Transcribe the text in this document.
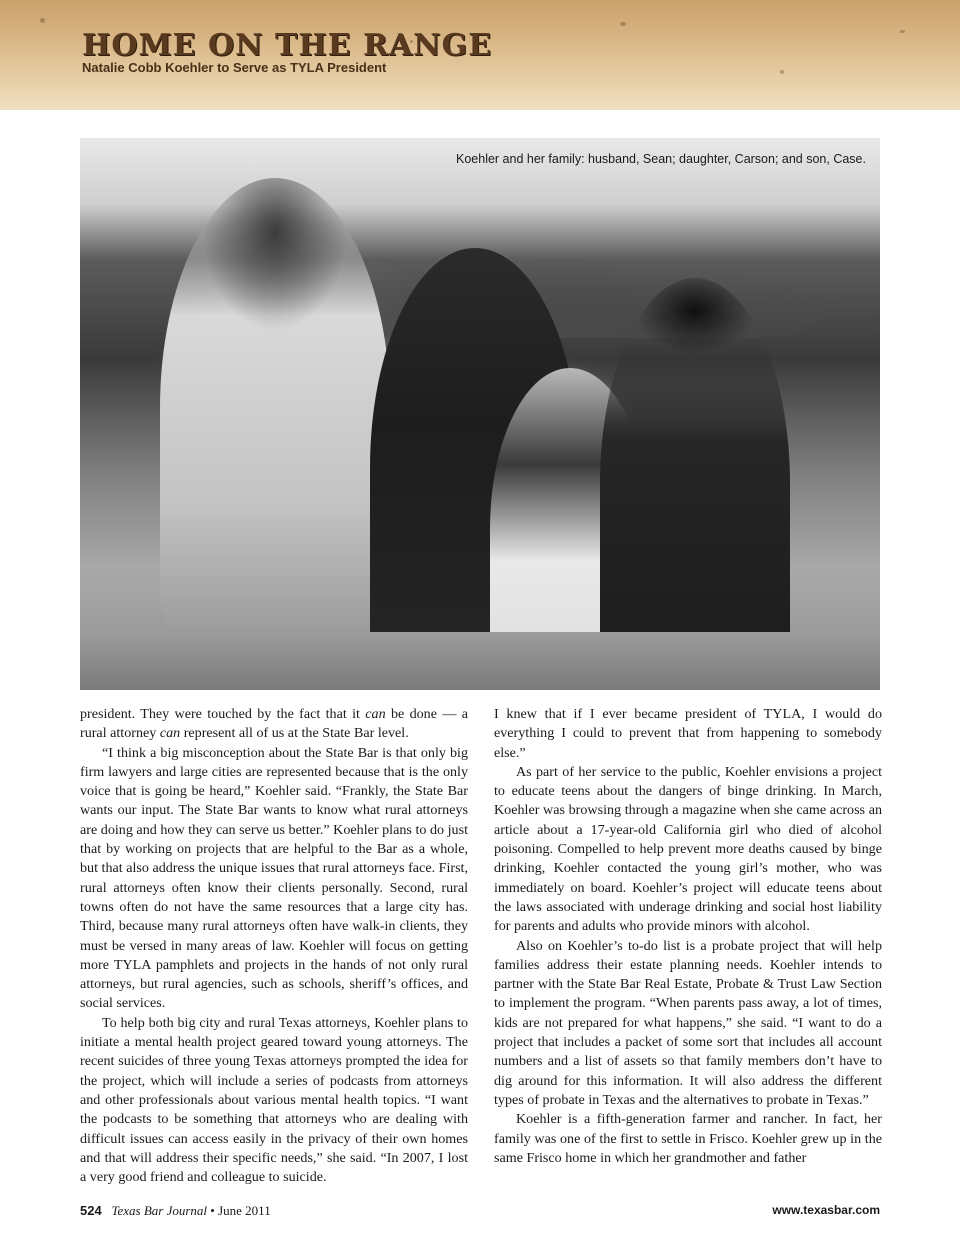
HOME ON THE RANGE
Natalie Cobb Koehler to Serve as TYLA President
Koehler and her family: husband, Sean; daughter, Carson; and son, Case.

president. They were touched by the fact that it can be done — a rural attorney can represent all of us at the State Bar level.

“I think a big misconception about the State Bar is that only big firm lawyers and large cities are represented because that is the only voice that is going be heard,” Koehler said. “Frankly, the State Bar wants our input. The State Bar wants to know what rural attorneys are doing and how they can serve us better.” Koehler plans to do just that by working on projects that are helpful to the Bar as a whole, but that also address the unique issues that rural attorneys face. First, rural attorneys often know their clients personally. Second, rural towns often do not have the same resources that a large city has. Third, because many rural attorneys often have walk-in clients, they must be versed in many areas of law. Koehler will focus on getting more TYLA pamphlets and projects in the hands of not only rural attorneys, but rural agencies, such as schools, sheriff’s offices, and social services.

To help both big city and rural Texas attorneys, Koehler plans to initiate a mental health project geared toward young attorneys. The recent suicides of three young Texas attorneys prompted the idea for the project, which will include a series of podcasts from attorneys and other professionals about various mental health topics. “I want the podcasts to be something that attorneys who are dealing with difficult issues can access easily in the privacy of their own homes and that will address their specific needs,” she said. “In 2007, I lost a very good friend and colleague to suicide.

I knew that if I ever became president of TYLA, I would do everything I could to prevent that from happening to somebody else.”

As part of her service to the public, Koehler envisions a project to educate teens about the dangers of binge drinking. In March, Koehler was browsing through a magazine when she came across an article about a 17-year-old California girl who died of alcohol poisoning. Compelled to help prevent more deaths caused by binge drinking, Koehler contacted the young girl’s mother, who was immediately on board. Koehler’s project will educate teens about the laws associated with underage drinking and social host liability for parents and adults who provide minors with alcohol.

Also on Koehler’s to-do list is a probate project that will help families address their estate planning needs. Koehler intends to partner with the State Bar Real Estate, Probate & Trust Law Section to implement the program. “When parents pass away, a lot of times, kids are not prepared for what happens,” she said. “I want to do a project that includes a packet of some sort that includes all account numbers and a list of assets so that family members don’t have to dig around for this information. It will also address the different types of probate in Texas and the alternatives to probate in Texas.”

Koehler is a fifth-generation farmer and rancher. In fact, her family was one of the first to settle in Frisco. Koehler grew up in the same Frisco home in which her grandmother and father

524 Texas Bar Journal • June 2011	www.texasbar.com
